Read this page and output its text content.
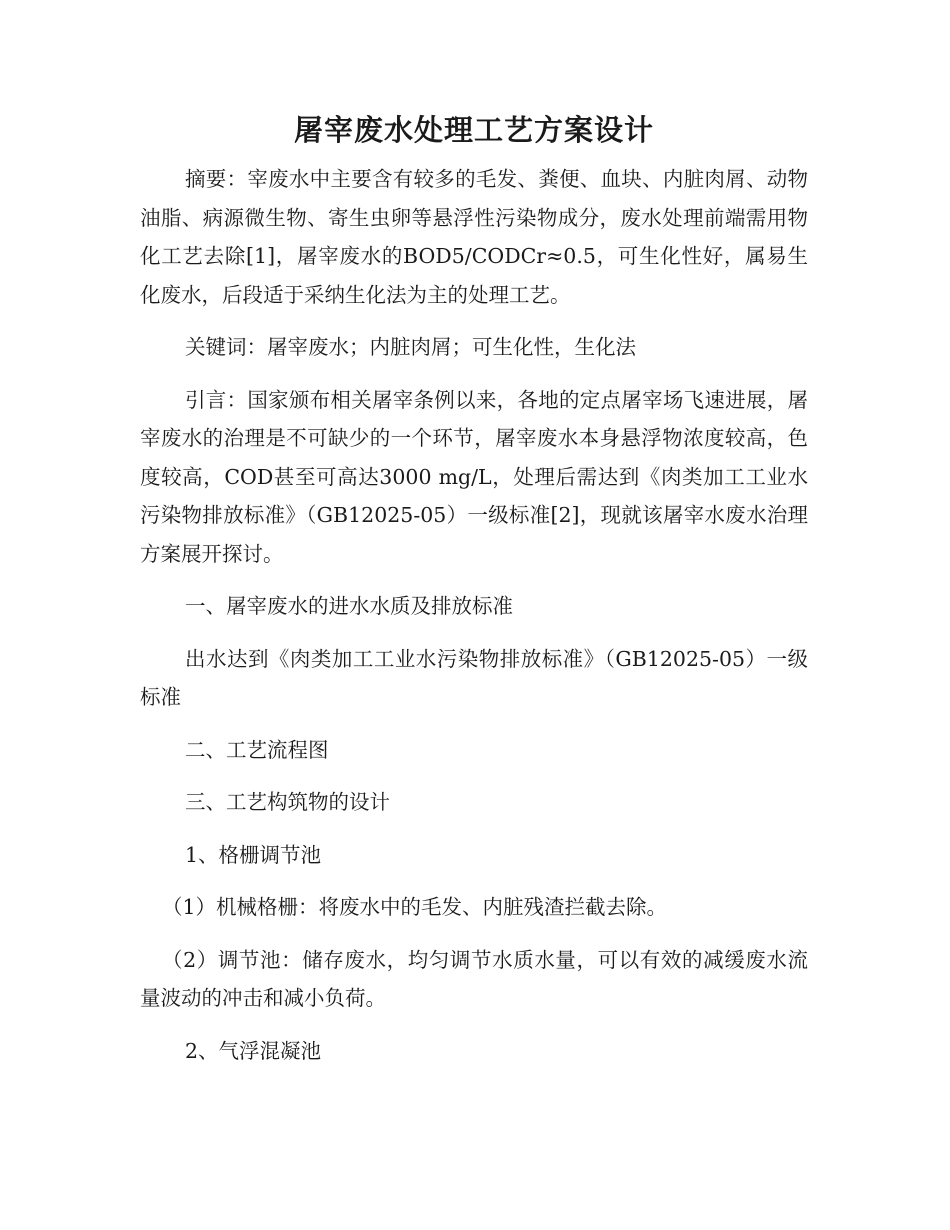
屠宰废水处理工艺方案设计

摘要：宰废水中主要含有较多的毛发、粪便、血块、内脏肉屑、动物油脂、病源微生物、寄生虫卵等悬浮性污染物成分，废水处理前端需用物化工艺去除[1]，屠宰废水的BOD5/CODCr≈0.5，可生化性好，属易生化废水，后段适于采纳生化法为主的处理工艺。

关键词：屠宰废水；内脏肉屑；可生化性，生化法

引言：国家颁布相关屠宰条例以来，各地的定点屠宰场飞速进展，屠宰废水的治理是不可缺少的一个环节，屠宰废水本身悬浮物浓度较高，色度较高，COD甚至可高达3000 mg/L，处理后需达到《肉类加工工业水污染物排放标准》（GB12025-05）一级标准[2]，现就该屠宰水废水治理方案展开探讨。

一、屠宰废水的进水水质及排放标准

出水达到《肉类加工工业水污染物排放标准》（GB12025-05）一级标准

二、工艺流程图

三、工艺构筑物的设计

1、格栅调节池

（1）机械格栅：将废水中的毛发、内脏残渣拦截去除。

（2）调节池：储存废水，均匀调节水质水量，可以有效的减缓废水流量波动的冲击和减小负荷。

2、气浮混凝池
